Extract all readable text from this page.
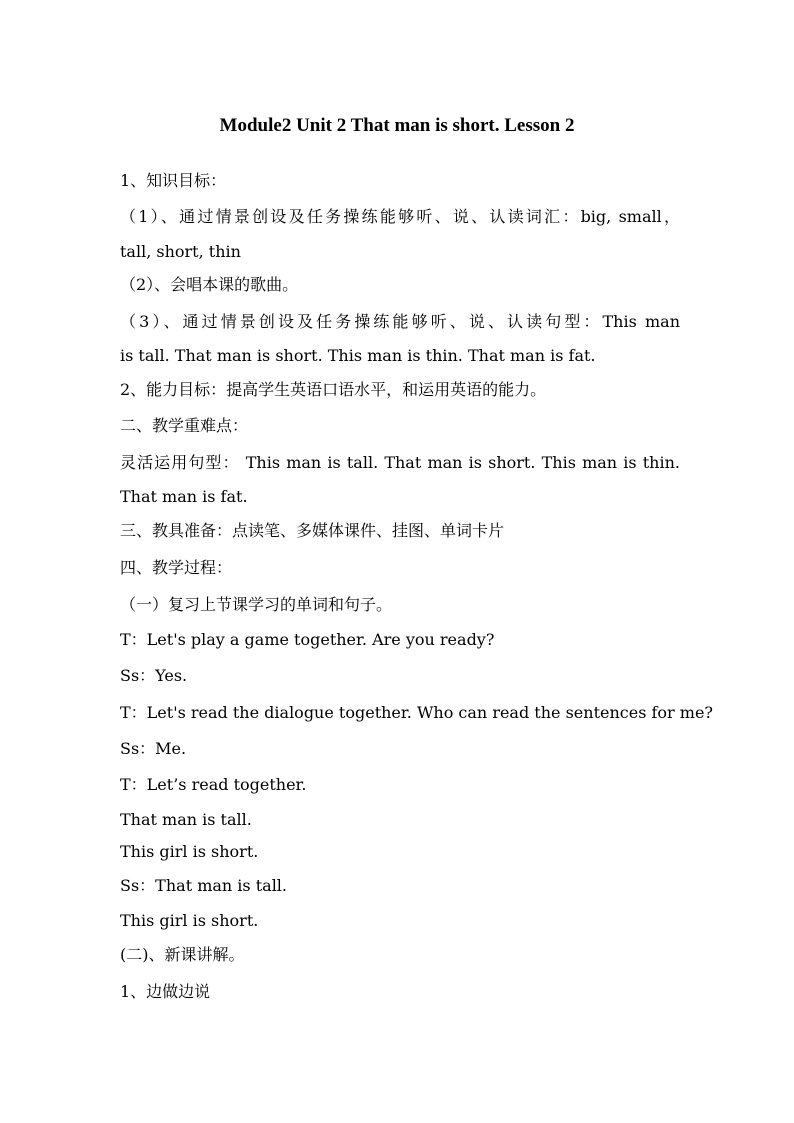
Module2 Unit 2 That man is short. Lesson 2
1、知识目标：
（1）、通过情景创设及任务操练能够听、说、认读词汇：big, small，
tall, short, thin
（2）、会唱本课的歌曲。
（3）、通过情景创设及任务操练能够听、说、认读句型：This man
is tall. That man is short. This man is thin. That man is fat.
2、能力目标：提高学生英语口语水平，和运用英语的能力。
二、教学重难点：
灵活运用句型： This man is tall. That man is short. This man is thin.
That man is fat.
三、教具准备：点读笔、多媒体课件、挂图、单词卡片
四、教学过程：
（一）复习上节课学习的单词和句子。
T：Let's play a game together. Are you ready?
Ss：Yes.
T：Let's read the dialogue together. Who can read the sentences for me?
Ss：Me.
T：Let’s read together.
That man is tall.
This girl is short.
Ss：That man is tall.
This girl is short.
(二)、新课讲解。
1、边做边说
